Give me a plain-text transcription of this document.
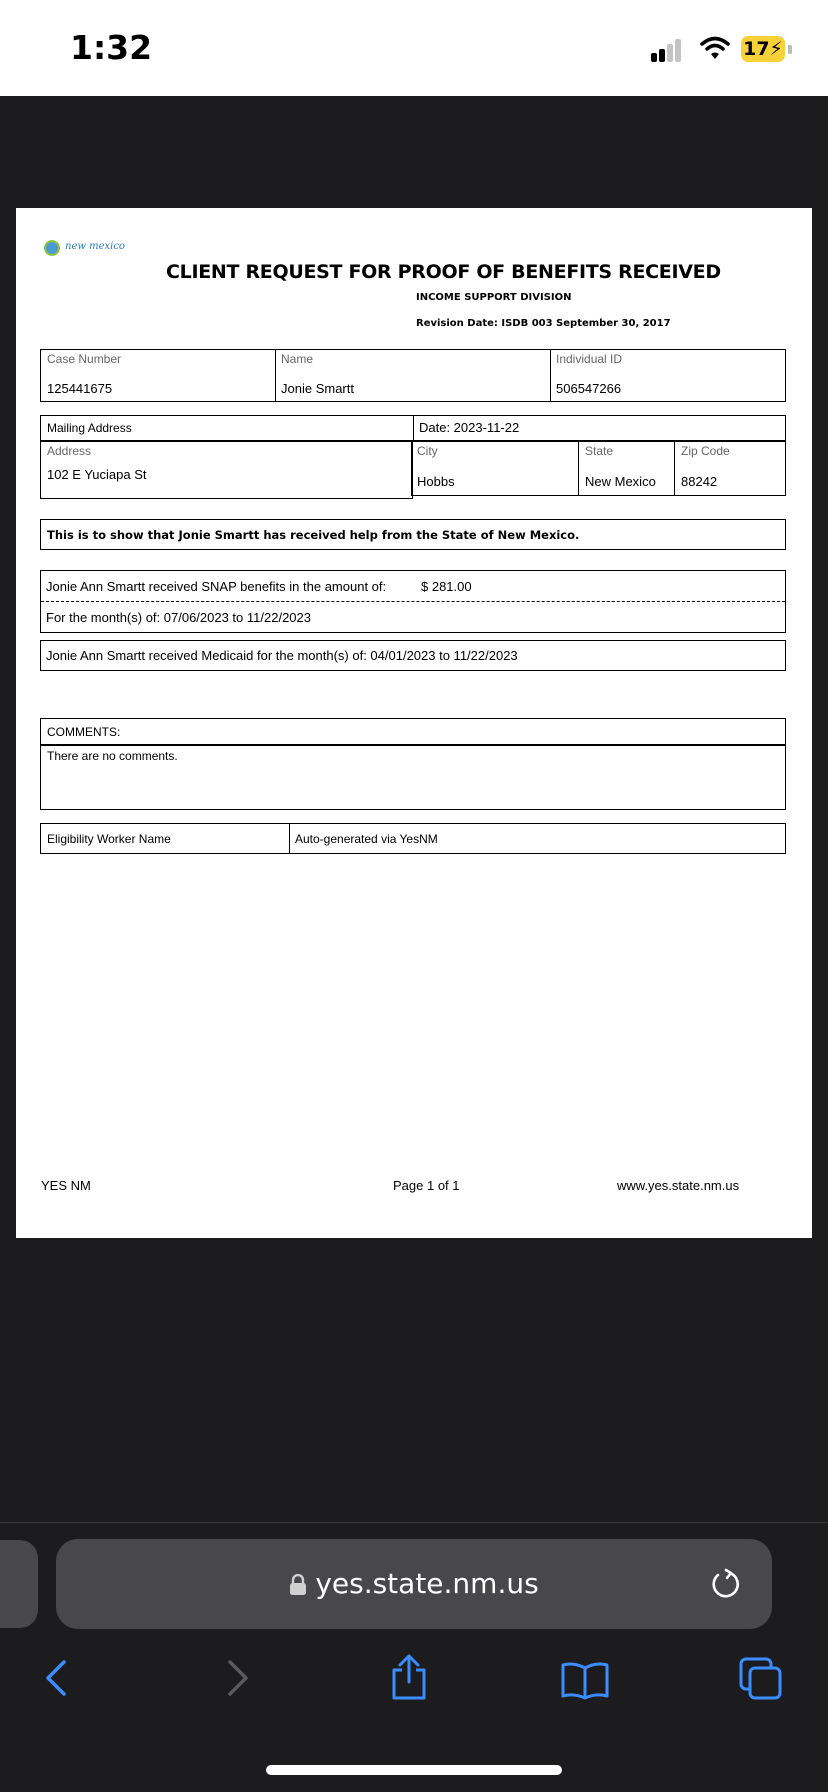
1:32	17⚡
new mexico
CLIENT REQUEST FOR PROOF OF BENEFITS RECEIVED
INCOME SUPPORT DIVISION
Revision Date: ISDB 003 September 30, 2017
Case Number
125441675
Name
Jonie Smartt
Individual ID
506547266
Mailing Address	Date: 2023-11-22
Address
102 E Yuciapa St
City
Hobbs
State
New Mexico
Zip Code
88242
This is to show that Jonie Smartt has received help from the State of New Mexico.
Jonie Ann Smartt received SNAP benefits in the amount of:	$ 281.00
For the month(s) of: 07/06/2023 to 11/22/2023
Jonie Ann Smartt received Medicaid for the month(s) of: 04/01/2023 to 11/22/2023
COMMENTS:
There are no comments.
Eligibility Worker Name	Auto-generated via YesNM
YES NM	Page 1 of 1	www.yes.state.nm.us
yes.state.nm.us
